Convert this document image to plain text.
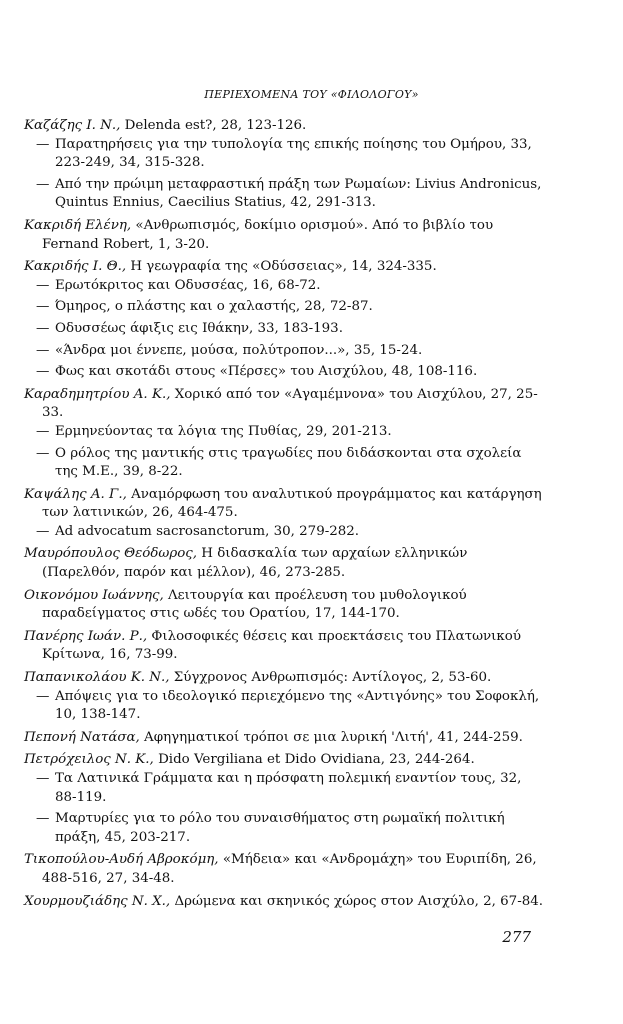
ΠΕΡΙΕΧΟΜΕΝΑ ΤΟΥ «ΦΙΛΟΛΟΓΟΥ»
Καζάζης Ι. Ν., Delenda est?, 28, 123-126.
— Παρατηρήσεις για την τυπολογία της επικής ποίησης του Ομήρου, 33, 223-249, 34, 315-328.
— Από την πρώιμη μεταφραστική πράξη των Ρωμαίων: Livius Andronicus, Quintus Ennius, Caecilius Statius, 42, 291-313.
Κακριδή Ελένη, «Ανθρωπισμός, δοκίμιο ορισμού». Από το βιβλίο του Fernand Robert, 1, 3-20.
Κακριδής Ι. Θ., Η γεωγραφία της «Οδύσσειας», 14, 324-335.
— Ερωτόκριτος και Οδυσσέας, 16, 68-72.
— Όμηρος, ο πλάστης και ο χαλαστής, 28, 72-87.
— Οδυσσέως άφιξις εις Ιθάκην, 33, 183-193.
— «Άνδρα μοι έννεπε, μούσα, πολύτροπον...», 35, 15-24.
— Φως και σκοτάδι στους «Πέρσες» του Αισχύλου, 48, 108-116.
Καραδημητρίου Α. Κ., Χορικό από τον «Αγαμέμνονα» του Αισχύλου, 27, 25-33.
— Ερμηνεύοντας τα λόγια της Πυθίας, 29, 201-213.
— Ο ρόλος της μαντικής στις τραγωδίες που διδάσκονται στα σχολεία της Μ.Ε., 39, 8-22.
Καψάλης Α. Γ., Αναμόρφωση του αναλυτικού προγράμματος και κατάργηση των λατινικών, 26, 464-475.
— Ad advocatum sacrosanctorum, 30, 279-282.
Μαυρόπουλος Θεόδωρος, Η διδασκαλία των αρχαίων ελληνικών (Παρελθόν, παρόν και μέλλον), 46, 273-285.
Οικονόμου Ιωάννης, Λειτουργία και προέλευση του μυθολογικού παραδείγματος στις ωδές του Ορατίου, 17, 144-170.
Πανέρης Ιωάν. Ρ., Φιλοσοφικές θέσεις και προεκτάσεις του Πλατωνικού Κρίτωνα, 16, 73-99.
Παπανικολάου Κ. Ν., Σύγχρονος Ανθρωπισμός: Αντίλογος, 2, 53-60.
— Απόψεις για το ιδεολογικό περιεχόμενο της «Αντιγόνης» του Σοφοκλή, 10, 138-147.
Πεπονή Νατάσα, Αφηγηματικοί τρόποι σε μια λυρική 'Λιτή', 41, 244-259.
Πετρόχειλος Ν. Κ., Dido Vergiliana et Dido Ovidiana, 23, 244-264.
— Τα Λατινικά Γράμματα και η πρόσφατη πολεμική εναντίον τους, 32, 88-119.
— Μαρτυρίες για το ρόλο του συναισθήματος στη ρωμαϊκή πολιτική πράξη, 45, 203-217.
Τικοπούλου-Αυδή Αβροκόμη, «Μήδεια» και «Ανδρομάχη» του Ευριπίδη, 26, 488-516, 27, 34-48.
Χουρμουζιάδης Ν. Χ., Δρώμενα και σκηνικός χώρος στον Αισχύλο, 2, 67-84.
277
